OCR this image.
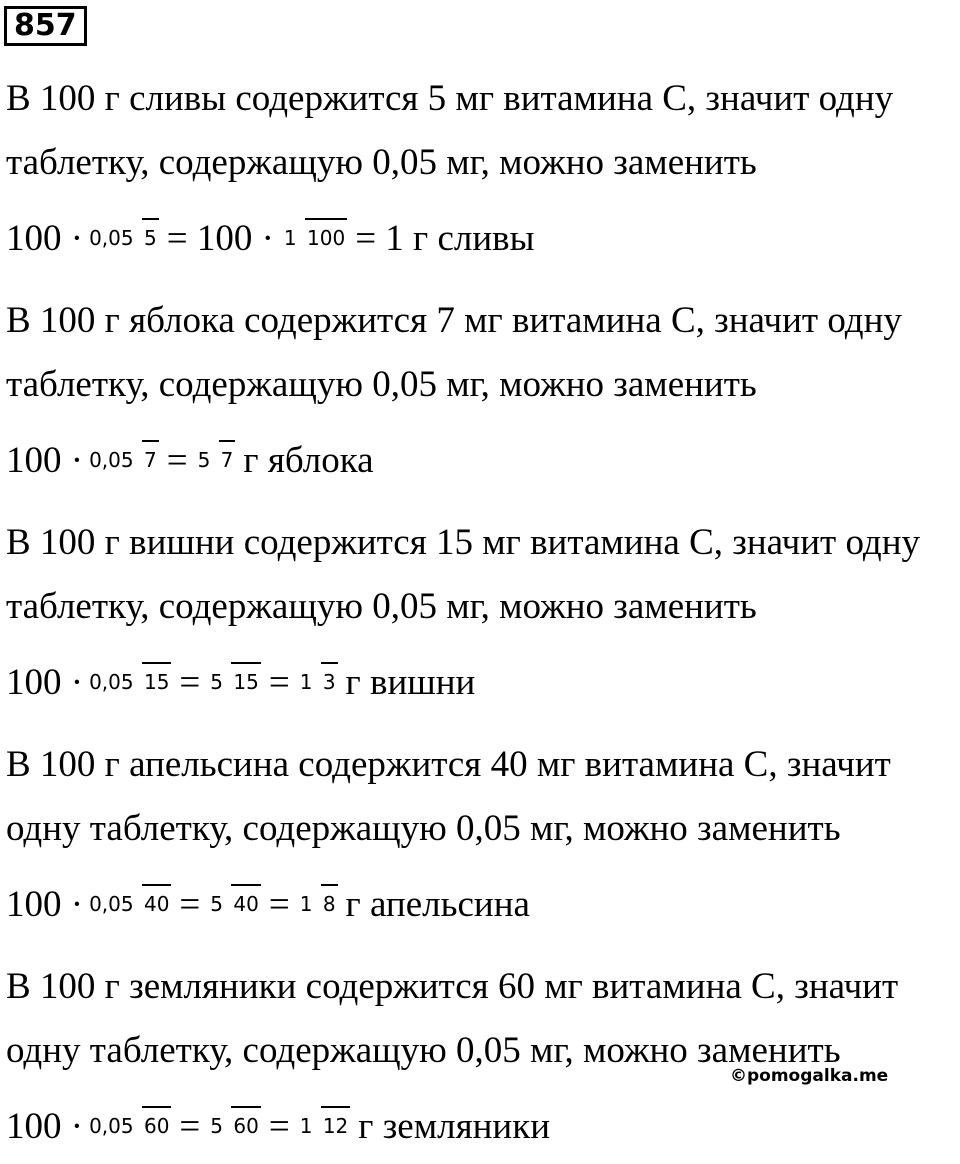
857
В 100 г сливы содержится 5 мг витамина С, значит одну
таблетку, содержащую 0,05 мг, можно заменить
100 · 0,05 5 = 100 · 1 100 = 1 г сливы
В 100 г яблока содержится 7 мг витамина С, значит одну
таблетку, содержащую 0,05 мг, можно заменить
100 · 0,05 7 = 5 7 г яблока
В 100 г вишни содержится 15 мг витамина С, значит одну
таблетку, содержащую 0,05 мг, можно заменить
100 · 0,05 15 = 5 15 = 1 3 г вишни
В 100 г апельсина содержится 40 мг витамина С, значит
одну таблетку, содержащую 0,05 мг, можно заменить
100 · 0,05 40 = 5 40 = 1 8 г апельсина
В 100 г земляники содержится 60 мг витамина С, значит
одну таблетку, содержащую 0,05 мг, можно заменить
100 · 0,05 60 = 5 60 = 1 12 г земляники
©pomogalka.me
